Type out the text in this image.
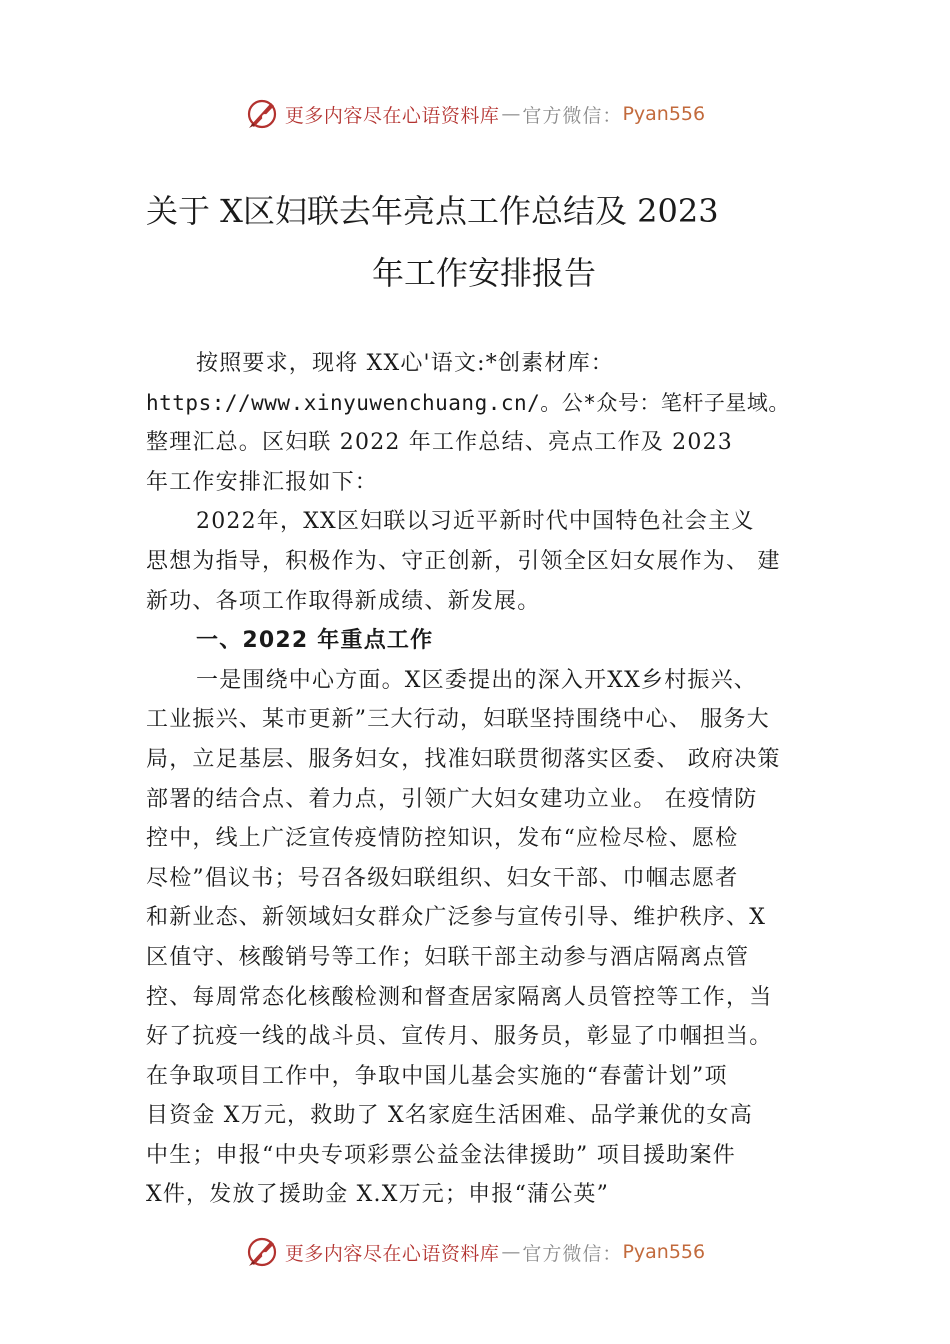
更多内容尽在心语资料库 — 官方微信： Pyan556
关于 X区妇联去年亮点工作总结及 2023
年工作安排报告
按照要求，现将 XX心'语文:*创素材库：
https://www.xinyuwenchuang.cn/。公*众号：笔杆子星域。
整理汇总。区妇联 2022 年工作总结、亮点工作及 2023
年工作安排汇报如下：
2022年，XX区妇联以习近平新时代中国特色社会主义
思想为指导，积极作为、守正创新，引领全区妇女展作为、 建
新功、各项工作取得新成绩、新发展。
一、2022 年重点工作
一是围绕中心方面。X区委提出的深入开XX乡村振兴、
工业振兴、某市更新”三大行动，妇联坚持围绕中心、 服务大
局，立足基层、服务妇女，找准妇联贯彻落实区委、 政府决策
部署的结合点、着力点，引领广大妇女建功立业。 在疫情防
控中，线上广泛宣传疫情防控知识，发布“应检尽检、愿检
尽检”倡议书；号召各级妇联组织、妇女干部、巾帼志愿者
和新业态、新领域妇女群众广泛参与宣传引导、维护秩序、X
区值守、核酸销号等工作；妇联干部主动参与酒店隔离点管
控、每周常态化核酸检测和督查居家隔离人员管控等工作，当
好了抗疫一线的战斗员、宣传月、服务员，彰显了巾帼担当。
在争取项目工作中，争取中国儿基会实施的“春蕾计划”项
目资金 X万元，救助了 X名家庭生活困难、品学兼优的女高
中生；申报“中央专项彩票公益金法律援助” 项目援助案件
X件，发放了援助金 X.X万元；申报“蒲公英”
更多内容尽在心语资料库 — 官方微信： Pyan556
